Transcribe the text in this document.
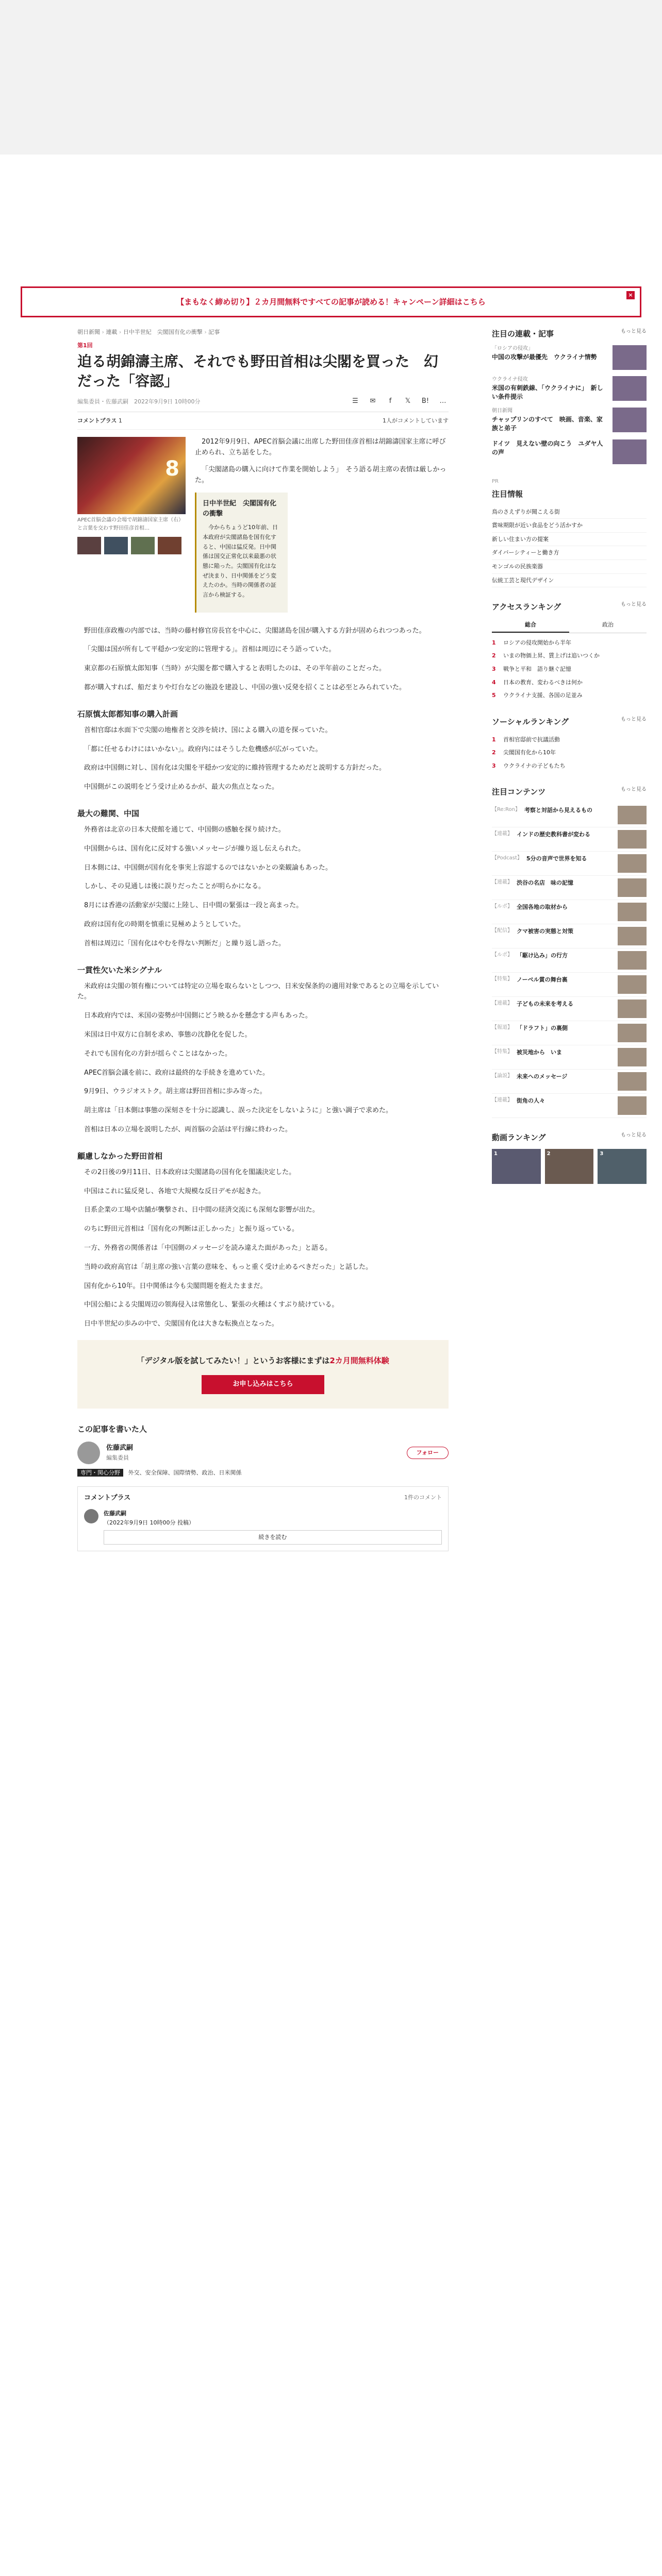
【まもなく締め切り】２カ月間無料ですべての記事が読める！キャンペーン詳細はこちら
×
朝日新聞 › 連載 › 日中半世紀　尖閣国有化の衝撃 › 記事
第1回
迫る胡錦濤主席、それでも野田首相は尖閣を買った　幻だった「容認」
編集委員・佐藤武嗣　2022年9月9日 10時00分	☰	✉	f	𝕏	B!	…
コメントプラス 1	1人がコメントしています
8
APEC首脳会議の会場で胡錦濤国家主席（右）と言葉を交わす野田佳彦首相…

2012年9月9日、APEC首脳会議に出席した野田佳彦首相は胡錦濤国家主席に呼び止められ、立ち話をした。

「尖閣諸島の購入に向けて作業を開始しよう」　そう語る胡主席の表情は厳しかった。

日中半世紀　尖閣国有化の衝撃

今からちょうど10年前、日本政府が尖閣諸島を国有化すると、中国は猛反発。日中関係は国交正常化以来最悪の状態に陥った。尖閣国有化はなぜ決まり、日中関係をどう変えたのか。当時の関係者の証言から検証する。

野田佳彦政権の内部では、当時の藤村修官房長官を中心に、尖閣諸島を国が購入する方針が固められつつあった。

「尖閣は国が所有して平穏かつ安定的に管理する」。首相は周辺にそう語っていた。

東京都の石原慎太郎知事（当時）が尖閣を都で購入すると表明したのは、その半年前のことだった。

都が購入すれば、船だまりや灯台などの施設を建設し、中国の強い反発を招くことは必至とみられていた。

石原慎太郎都知事の購入計画

首相官邸は水面下で尖閣の地権者と交渉を続け、国による購入の道を探っていた。

「都に任せるわけにはいかない」。政府内にはそうした危機感が広がっていた。

政府は中国側に対し、国有化は尖閣を平穏かつ安定的に維持管理するためだと説明する方針だった。

中国側がこの説明をどう受け止めるかが、最大の焦点となった。

最大の難関、中国

外務省は北京の日本大使館を通じて、中国側の感触を探り続けた。

中国側からは、国有化に反対する強いメッセージが繰り返し伝えられた。

日本側には、中国側が国有化を事実上容認するのではないかとの楽観論もあった。

しかし、その見通しは後に誤りだったことが明らかになる。

8月には香港の活動家が尖閣に上陸し、日中間の緊張は一段と高まった。

政府は国有化の時期を慎重に見極めようとしていた。

首相は周辺に「国有化はやむを得ない判断だ」と繰り返し語った。

一貫性欠いた米シグナル

米政府は尖閣の領有権については特定の立場を取らないとしつつ、日米安保条約の適用対象であるとの立場を示していた。

日本政府内では、米国の姿勢が中国側にどう映るかを懸念する声もあった。

米国は日中双方に自制を求め、事態の沈静化を促した。

それでも国有化の方針が揺らぐことはなかった。

APEC首脳会議を前に、政府は最終的な手続きを進めていた。

9月9日、ウラジオストク。胡主席は野田首相に歩み寄った。

胡主席は「日本側は事態の深刻さを十分に認識し、誤った決定をしないように」と強い調子で求めた。

首相は日本の立場を説明したが、両首脳の会話は平行線に終わった。

顧慮しなかった野田首相

その2日後の9月11日、日本政府は尖閣諸島の国有化を閣議決定した。

中国はこれに猛反発し、各地で大規模な反日デモが起きた。

日系企業の工場や店舗が襲撃され、日中間の経済交流にも深刻な影響が出た。

のちに野田元首相は「国有化の判断は正しかった」と振り返っている。

一方、外務省の関係者は「中国側のメッセージを読み違えた面があった」と語る。

当時の政府高官は「胡主席の強い言葉の意味を、もっと重く受け止めるべきだった」と話した。

国有化から10年。日中関係は今も尖閣問題を抱えたままだ。

中国公船による尖閣周辺の領海侵入は常態化し、緊張の火種はくすぶり続けている。

日中半世紀の歩みの中で、尖閣国有化は大きな転換点となった。

「デジタル版を試してみたい！」というお客様にまずは2カ月間無料体験
お申し込みはこちら
この記事を書いた人
佐藤武嗣
編集委員
フォロー
専門・関心分野 外交、安全保障、国際情勢、政治、日米関係
コメントプラス	1件のコメント
佐藤武嗣
（2022年9月9日 10時00分 投稿）
続きを読む
注目の連載・記事	もっと見る
「ロシアの侵攻」
中国の攻撃が最優先　ウクライナ情勢
ウクライナ侵攻
米国の有刺鉄線、「ウクライナに」　新しい条件提示
朝日新聞
チャップリンのすべて　映画、音楽、家族と弟子
ドイツ　見えない壁の向こう　ユダヤ人の声
PR
注目情報
鳥のさえずりが聞こえる街
賞味期限が近い食品をどう活かすか
新しい住まい方の提案
ダイバーシティーと働き方
モンゴルの民族楽器
伝統工芸と現代デザイン
アクセスランキング	もっと見る
総合	政治
1	ロシアの侵攻開始から半年
2	いまの物価上昇、賃上げは追いつくか
3	戦争と平和　語り継ぐ記憶
4	日本の教育、変わるべきは何か
5	ウクライナ支援、各国の足並み
ソーシャルランキング	もっと見る
1	首相官邸前で抗議活動
2	尖閣国有化から10年
3	ウクライナの子どもたち
注目コンテンツ	もっと見る
【Re:Ron】 考察と対話から見えるもの
【連載】 インドの歴史教科書が変わる
【Podcast】 5分の音声で世界を知る
【連載】 渋谷の名店　味の記憶
【ルポ】 全国各地の取材から
【配信】 クマ被害の実態と対策
【ルポ】 「駆け込み」の行方
【特集】 ノーベル賞の舞台裏
【連載】 子どもの未来を考える
【報道】 「ドラフト」の裏側
【特集】 被災地から　いま
【論説】 未来へのメッセージ
【連載】 街角の人々
動画ランキング	もっと見る
1	2	3
